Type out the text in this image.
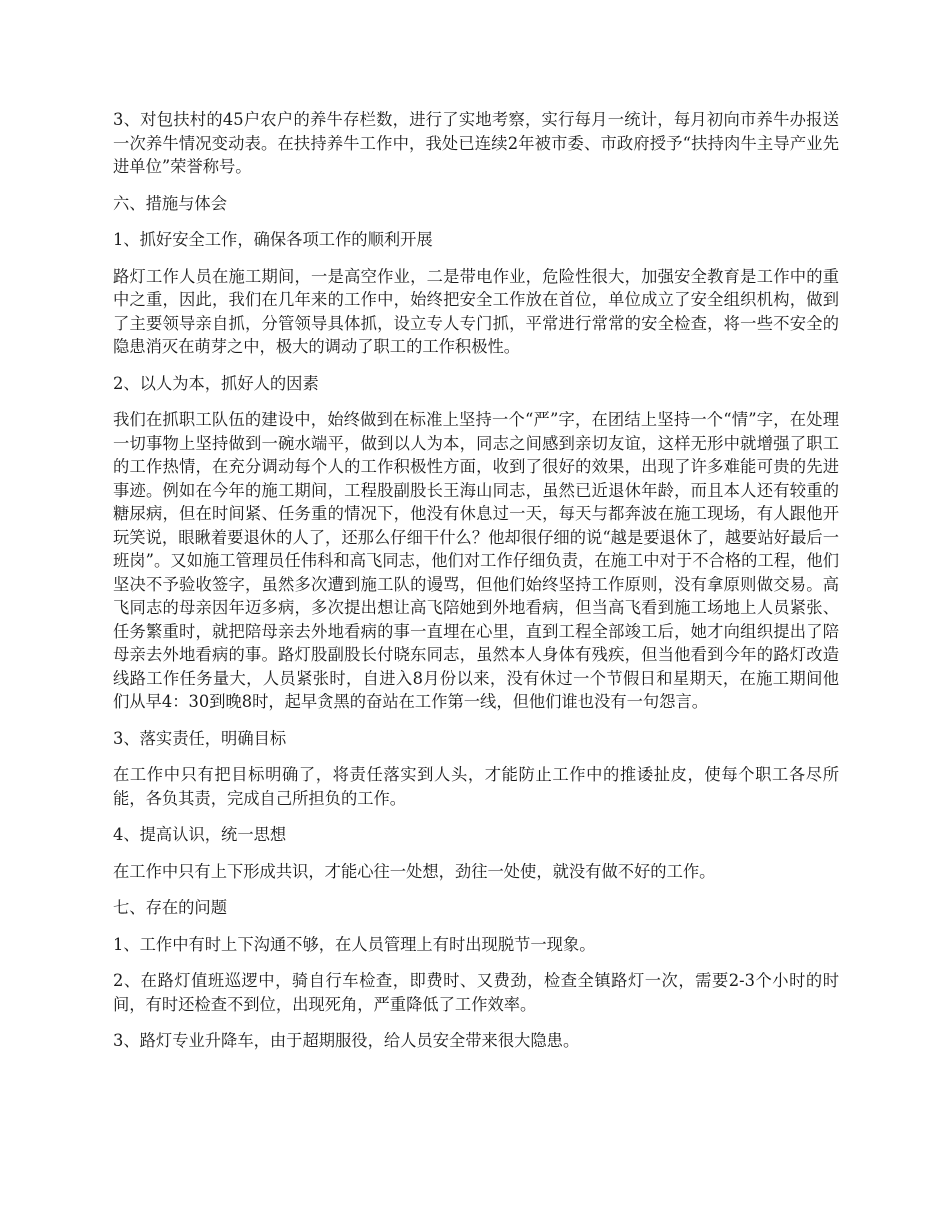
3、对包扶村的45户农户的养牛存栏数，进行了实地考察，实行每月一统计，每月初向市养牛办报送一次养牛情况变动表。在扶持养牛工作中，我处已连续2年被市委、市政府授予“扶持肉牛主导产业先进单位”荣誉称号。

六、措施与体会

1、抓好安全工作，确保各项工作的顺利开展

路灯工作人员在施工期间，一是高空作业，二是带电作业，危险性很大，加强安全教育是工作中的重中之重，因此，我们在几年来的工作中，始终把安全工作放在首位，单位成立了安全组织机构，做到了主要领导亲自抓，分管领导具体抓，设立专人专门抓，平常进行常常的安全检查，将一些不安全的隐患消灭在萌芽之中，极大的调动了职工的工作积极性。

2、以人为本，抓好人的因素

我们在抓职工队伍的建设中，始终做到在标准上坚持一个“严”字，在团结上坚持一个“情”字，在处理一切事物上坚持做到一碗水端平，做到以人为本，同志之间感到亲切友谊，这样无形中就增强了职工的工作热情，在充分调动每个人的工作积极性方面，收到了很好的效果，出现了许多难能可贵的先进事迹。例如在今年的施工期间，工程股副股长王海山同志，虽然已近退休年龄，而且本人还有较重的糖尿病，但在时间紧、任务重的情况下，他没有休息过一天，每天与都奔波在施工现场，有人跟他开玩笑说，眼瞅着要退休的人了，还那么仔细干什么？他却很仔细的说“越是要退休了，越要站好最后一班岗”。又如施工管理员任伟科和高飞同志，他们对工作仔细负责，在施工中对于不合格的工程，他们坚决不予验收签字，虽然多次遭到施工队的谩骂，但他们始终坚持工作原则，没有拿原则做交易。高飞同志的母亲因年迈多病，多次提出想让高飞陪她到外地看病，但当高飞看到施工场地上人员紧张、任务繁重时，就把陪母亲去外地看病的事一直埋在心里，直到工程全部竣工后，她才向组织提出了陪母亲去外地看病的事。路灯股副股长付晓东同志，虽然本人身体有残疾，但当他看到今年的路灯改造线路工作任务量大，人员紧张时，自进入8月份以来，没有休过一个节假日和星期天，在施工期间他们从早4：30到晚8时，起早贪黑的奋站在工作第一线，但他们谁也没有一句怨言。

3、落实责任，明确目标

在工作中只有把目标明确了，将责任落实到人头，才能防止工作中的推诿扯皮，使每个职工各尽所能，各负其责，完成自己所担负的工作。

4、提高认识，统一思想

在工作中只有上下形成共识，才能心往一处想，劲往一处使，就没有做不好的工作。

七、存在的问题

1、工作中有时上下沟通不够，在人员管理上有时出现脱节一现象。

2、在路灯值班巡逻中，骑自行车检查，即费时、又费劲，检查全镇路灯一次，需要2-3个小时的时间，有时还检查不到位，出现死角，严重降低了工作效率。

3、路灯专业升降车，由于超期服役，给人员安全带来很大隐患。
